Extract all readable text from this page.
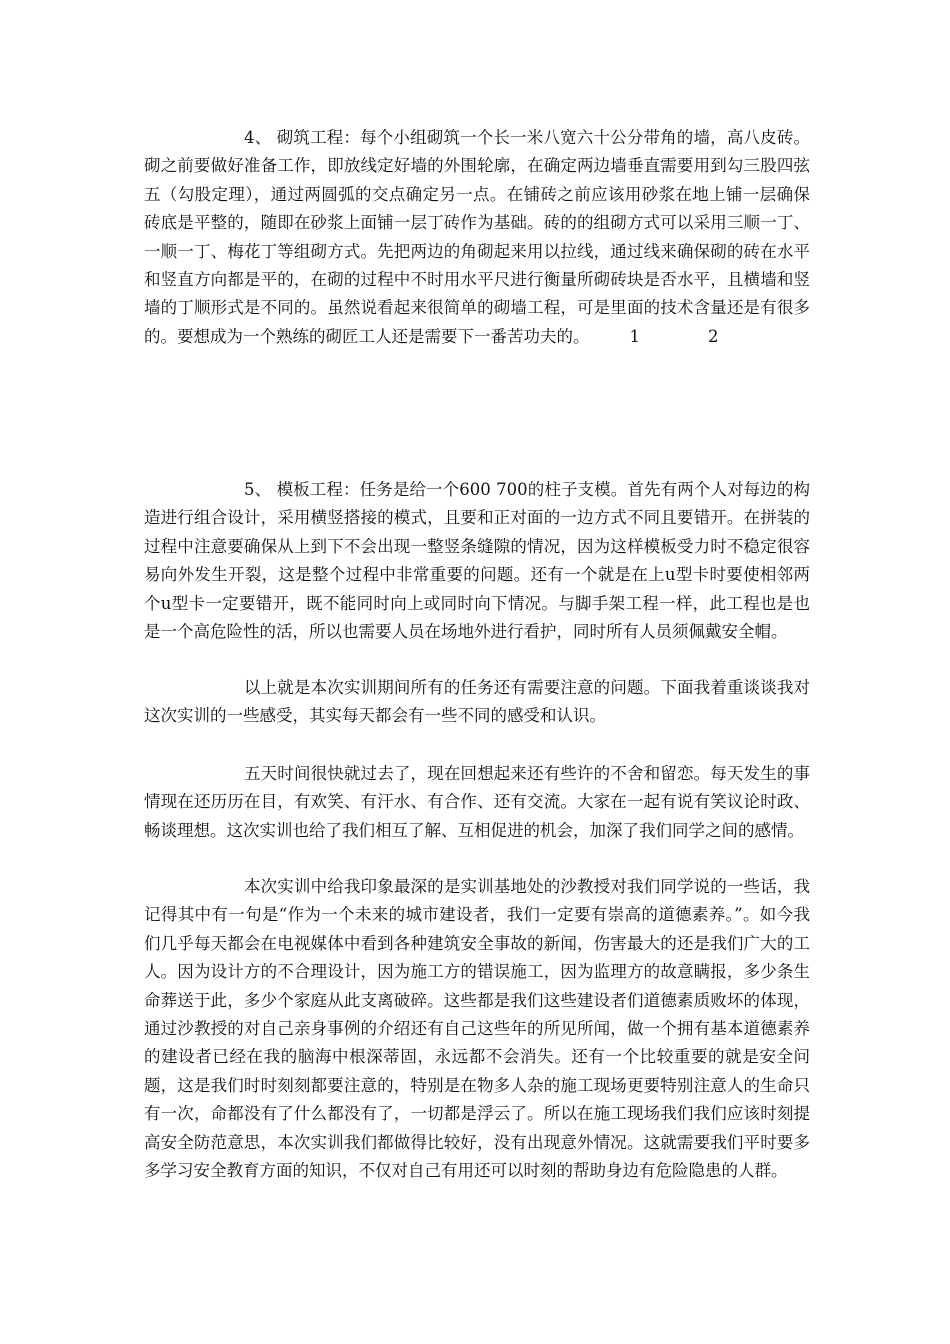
4、 砌筑工程：每个小组砌筑一个长一米八宽六十公分带角的墙，高八皮砖。砌之前要做好准备工作，即放线定好墙的外围轮廓，在确定两边墙垂直需要用到勾三股四弦五（勾股定理），通过两圆弧的交点确定另一点。在铺砖之前应该用砂浆在地上铺一层确保砖底是平整的，随即在砂浆上面铺一层丁砖作为基础。砖的的组砌方式可以采用三顺一丁、一顺一丁、梅花丁等组砌方式。先把两边的角砌起来用以拉线，通过线来确保砌的砖在水平和竖直方向都是平的，在砌的过程中不时用水平尺进行衡量所砌砖块是否水平，且横墙和竖墙的丁顺形式是不同的。虽然说看起来很简单的砌墙工程，可是里面的技术含量还是有很多的。要想成为一个熟练的砌匠工人还是需要下一番苦功夫的。 1	2

5、 模板工程：任务是给一个600 700的柱子支模。首先有两个人对每边的构造进行组合设计，采用横竖搭接的模式，且要和正对面的一边方式不同且要错开。在拼装的过程中注意要确保从上到下不会出现一整竖条缝隙的情况，因为这样模板受力时不稳定很容易向外发生开裂，这是整个过程中非常重要的问题。还有一个就是在上u型卡时要使相邻两个u型卡一定要错开，既不能同时向上或同时向下情况。与脚手架工程一样，此工程也是也是一个高危险性的活，所以也需要人员在场地外进行看护，同时所有人员须佩戴安全帽。

以上就是本次实训期间所有的任务还有需要注意的问题。下面我着重谈谈我对这次实训的一些感受，其实每天都会有一些不同的感受和认识。

五天时间很快就过去了，现在回想起来还有些许的不舍和留恋。每天发生的事情现在还历历在目，有欢笑、有汗水、有合作、还有交流。大家在一起有说有笑议论时政、畅谈理想。这次实训也给了我们相互了解、互相促进的机会，加深了我们同学之间的感情。

本次实训中给我印象最深的是实训基地处的沙教授对我们同学说的一些话，我记得其中有一句是“作为一个未来的城市建设者，我们一定要有崇高的道德素养。”。如今我们几乎每天都会在电视媒体中看到各种建筑安全事故的新闻，伤害最大的还是我们广大的工人。因为设计方的不合理设计，因为施工方的错误施工，因为监理方的故意瞒报，多少条生命葬送于此，多少个家庭从此支离破碎。这些都是我们这些建设者们道德素质败坏的体现，通过沙教授的对自己亲身事例的介绍还有自己这些年的所见所闻，做一个拥有基本道德素养的建设者已经在我的脑海中根深蒂固，永远都不会消失。还有一个比较重要的就是安全问题，这是我们时时刻刻都要注意的，特别是在物多人杂的施工现场更要特别注意人的生命只有一次，命都没有了什么都没有了，一切都是浮云了。所以在施工现场我们我们应该时刻提高安全防范意思，本次实训我们都做得比较好，没有出现意外情况。这就需要我们平时要多多学习安全教育方面的知识，不仅对自己有用还可以时刻的帮助身边有危险隐患的人群。
